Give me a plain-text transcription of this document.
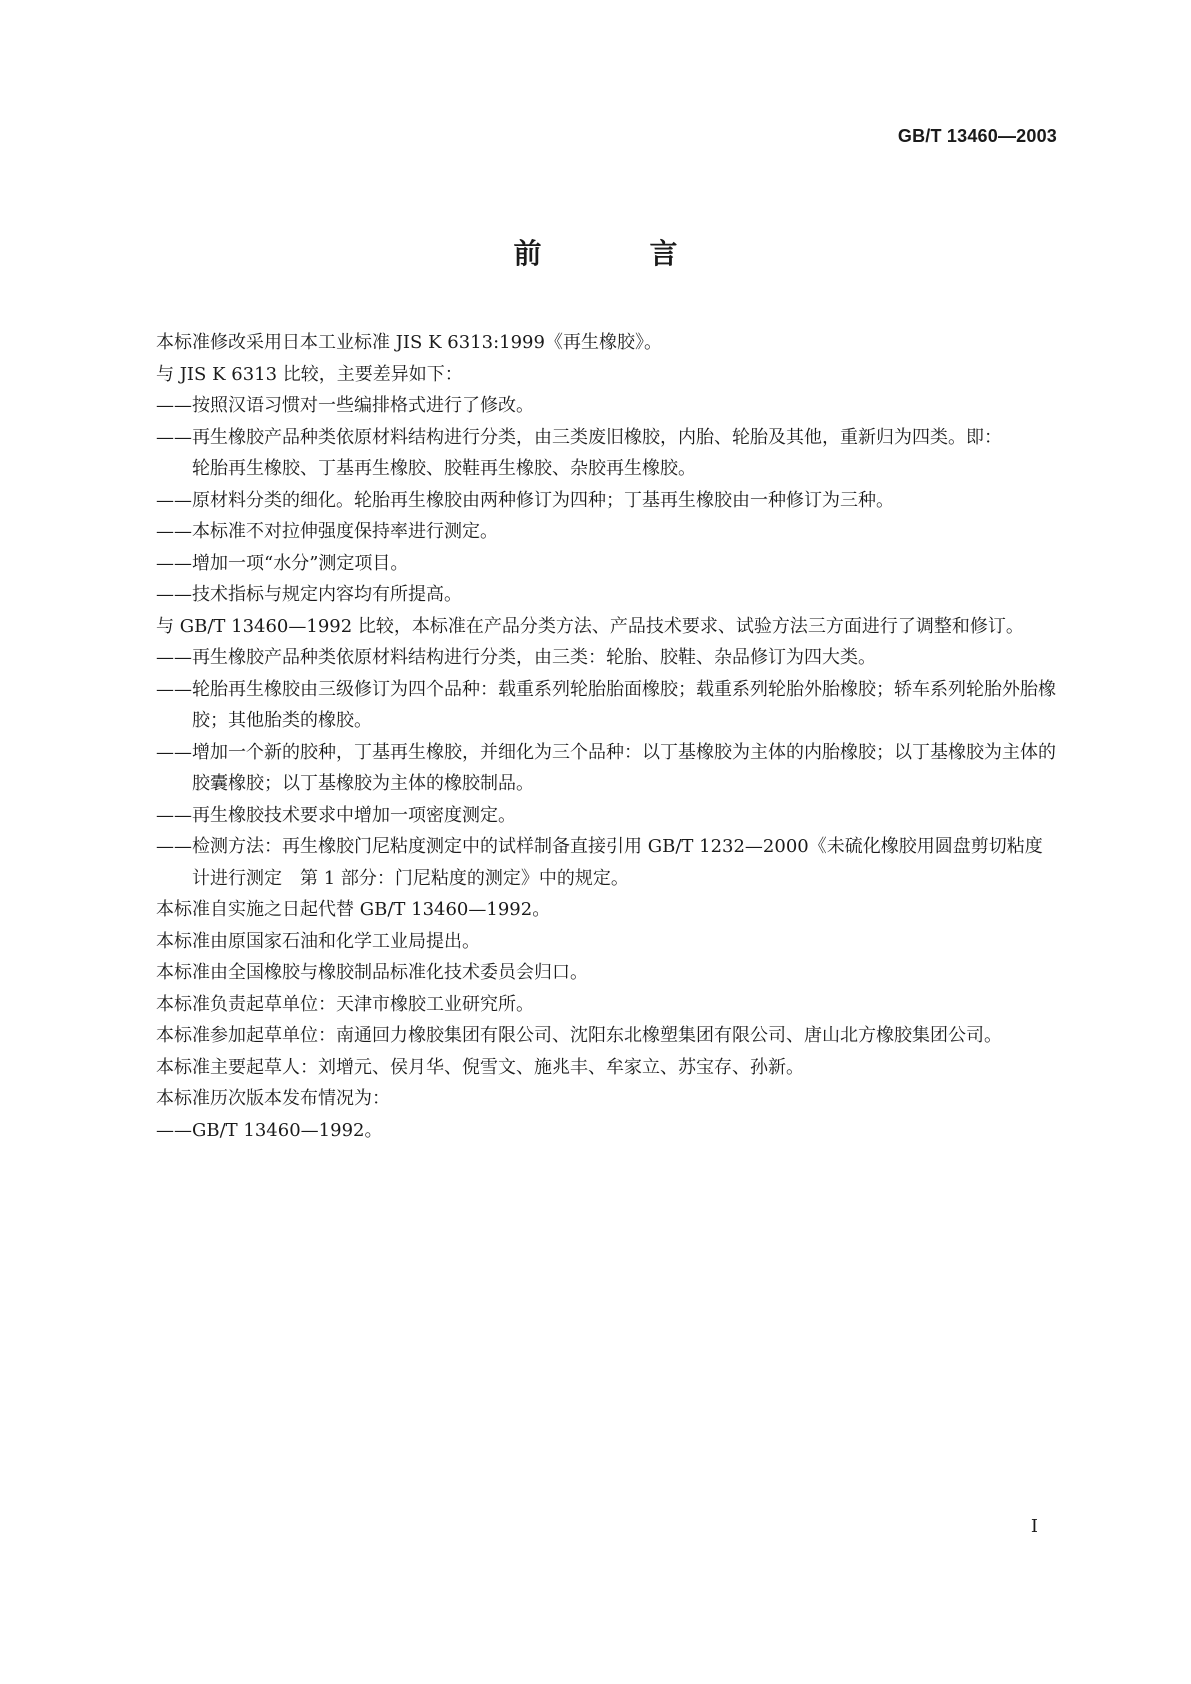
GB/T 13460—2003
前　言
本标准修改采用日本工业标准 JIS K 6313:1999《再生橡胶》。
与 JIS K 6313 比较，主要差异如下：
——按照汉语习惯对一些编排格式进行了修改。
——再生橡胶产品种类依原材料结构进行分类，由三类废旧橡胶，内胎、轮胎及其他，重新归为四类。即：
轮胎再生橡胶、丁基再生橡胶、胶鞋再生橡胶、杂胶再生橡胶。
——原材料分类的细化。轮胎再生橡胶由两种修订为四种；丁基再生橡胶由一种修订为三种。
——本标准不对拉伸强度保持率进行测定。
——增加一项“水分”测定项目。
——技术指标与规定内容均有所提高。
与 GB/T 13460—1992 比较，本标准在产品分类方法、产品技术要求、试验方法三方面进行了调整和修订。
——再生橡胶产品种类依原材料结构进行分类，由三类：轮胎、胶鞋、杂品修订为四大类。
——轮胎再生橡胶由三级修订为四个品种：载重系列轮胎胎面橡胶；载重系列轮胎外胎橡胶；轿车系列轮胎外胎橡胶；其他胎类的橡胶。
——增加一个新的胶种，丁基再生橡胶，并细化为三个品种：以丁基橡胶为主体的内胎橡胶；以丁基橡胶为主体的胶囊橡胶；以丁基橡胶为主体的橡胶制品。
——再生橡胶技术要求中增加一项密度测定。
——检测方法：再生橡胶门尼粘度测定中的试样制备直接引用 GB/T 1232—2000《未硫化橡胶用圆盘剪切粘度计进行测定　第 1 部分：门尼粘度的测定》中的规定。
本标准自实施之日起代替 GB/T 13460—1992。
本标准由原国家石油和化学工业局提出。
本标准由全国橡胶与橡胶制品标准化技术委员会归口。
本标准负责起草单位：天津市橡胶工业研究所。
本标准参加起草单位：南通回力橡胶集团有限公司、沈阳东北橡塑集团有限公司、唐山北方橡胶集团公司。
本标准主要起草人：刘增元、侯月华、倪雪文、施兆丰、牟家立、苏宝存、孙新。
本标准历次版本发布情况为：
——GB/T 13460—1992。
I
